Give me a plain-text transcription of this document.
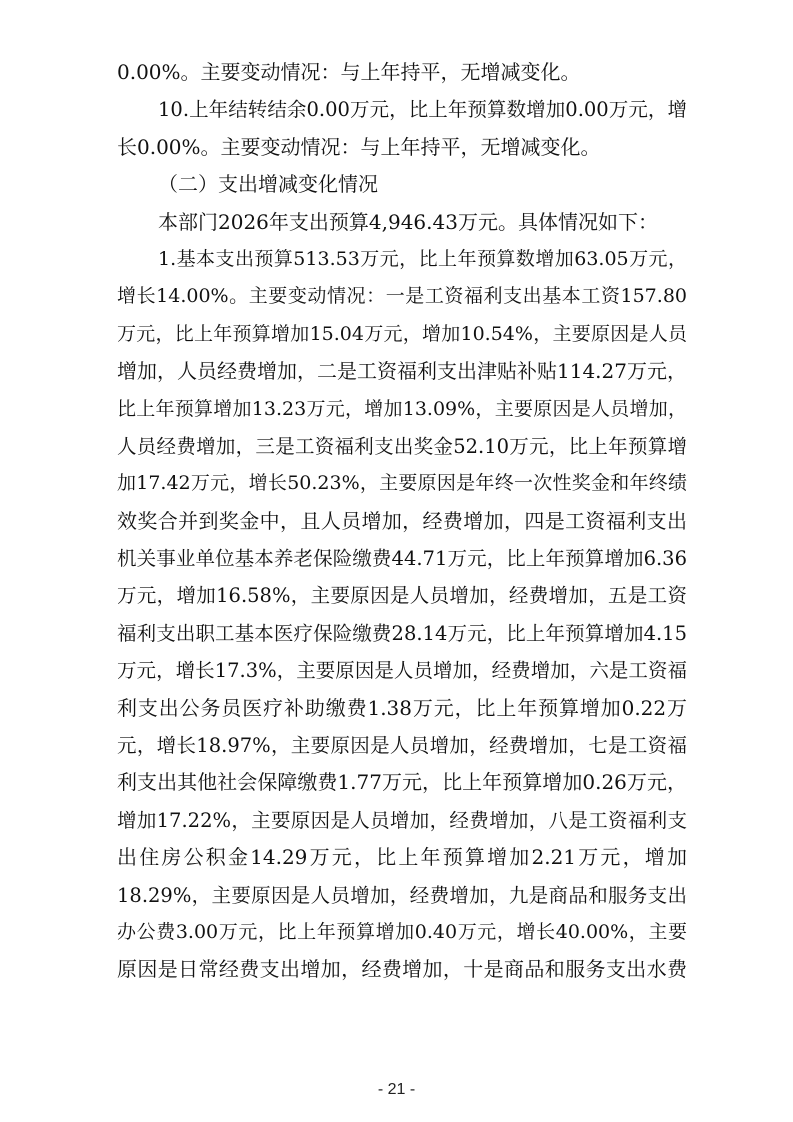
0.00%。主要变动情况：与上年持平，无增减变化。
10.上年结转结余0.00万元，比上年预算数增加0.00万元，增
长0.00%。主要变动情况：与上年持平，无增减变化。
（二）支出增减变化情况
本部门2026年支出预算4,946.43万元。具体情况如下：
1.基本支出预算513.53万元，比上年预算数增加63.05万元，
增长14.00%。主要变动情况：一是工资福利支出基本工资157.80
万元，比上年预算增加15.04万元，增加10.54%，主要原因是人员
增加，人员经费增加，二是工资福利支出津贴补贴114.27万元，
比上年预算增加13.23万元，增加13.09%，主要原因是人员增加，
人员经费增加，三是工资福利支出奖金52.10万元，比上年预算增
加17.42万元，增长50.23%，主要原因是年终一次性奖金和年终绩
效奖合并到奖金中，且人员增加，经费增加，四是工资福利支出
机关事业单位基本养老保险缴费44.71万元，比上年预算增加6.36
万元，增加16.58%，主要原因是人员增加，经费增加，五是工资
福利支出职工基本医疗保险缴费28.14万元，比上年预算增加4.15
万元，增长17.3%，主要原因是人员增加，经费增加，六是工资福
利支出公务员医疗补助缴费1.38万元，比上年预算增加0.22万
元，增长18.97%，主要原因是人员增加，经费增加，七是工资福
利支出其他社会保障缴费1.77万元，比上年预算增加0.26万元，
增加17.22%，主要原因是人员增加，经费增加，八是工资福利支
出住房公积金14.29万元，比上年预算增加2.21万元，增加
18.29%，主要原因是人员增加，经费增加，九是商品和服务支出
办公费3.00万元，比上年预算增加0.40万元，增长40.00%，主要
原因是日常经费支出增加，经费增加，十是商品和服务支出水费
- 21 -
